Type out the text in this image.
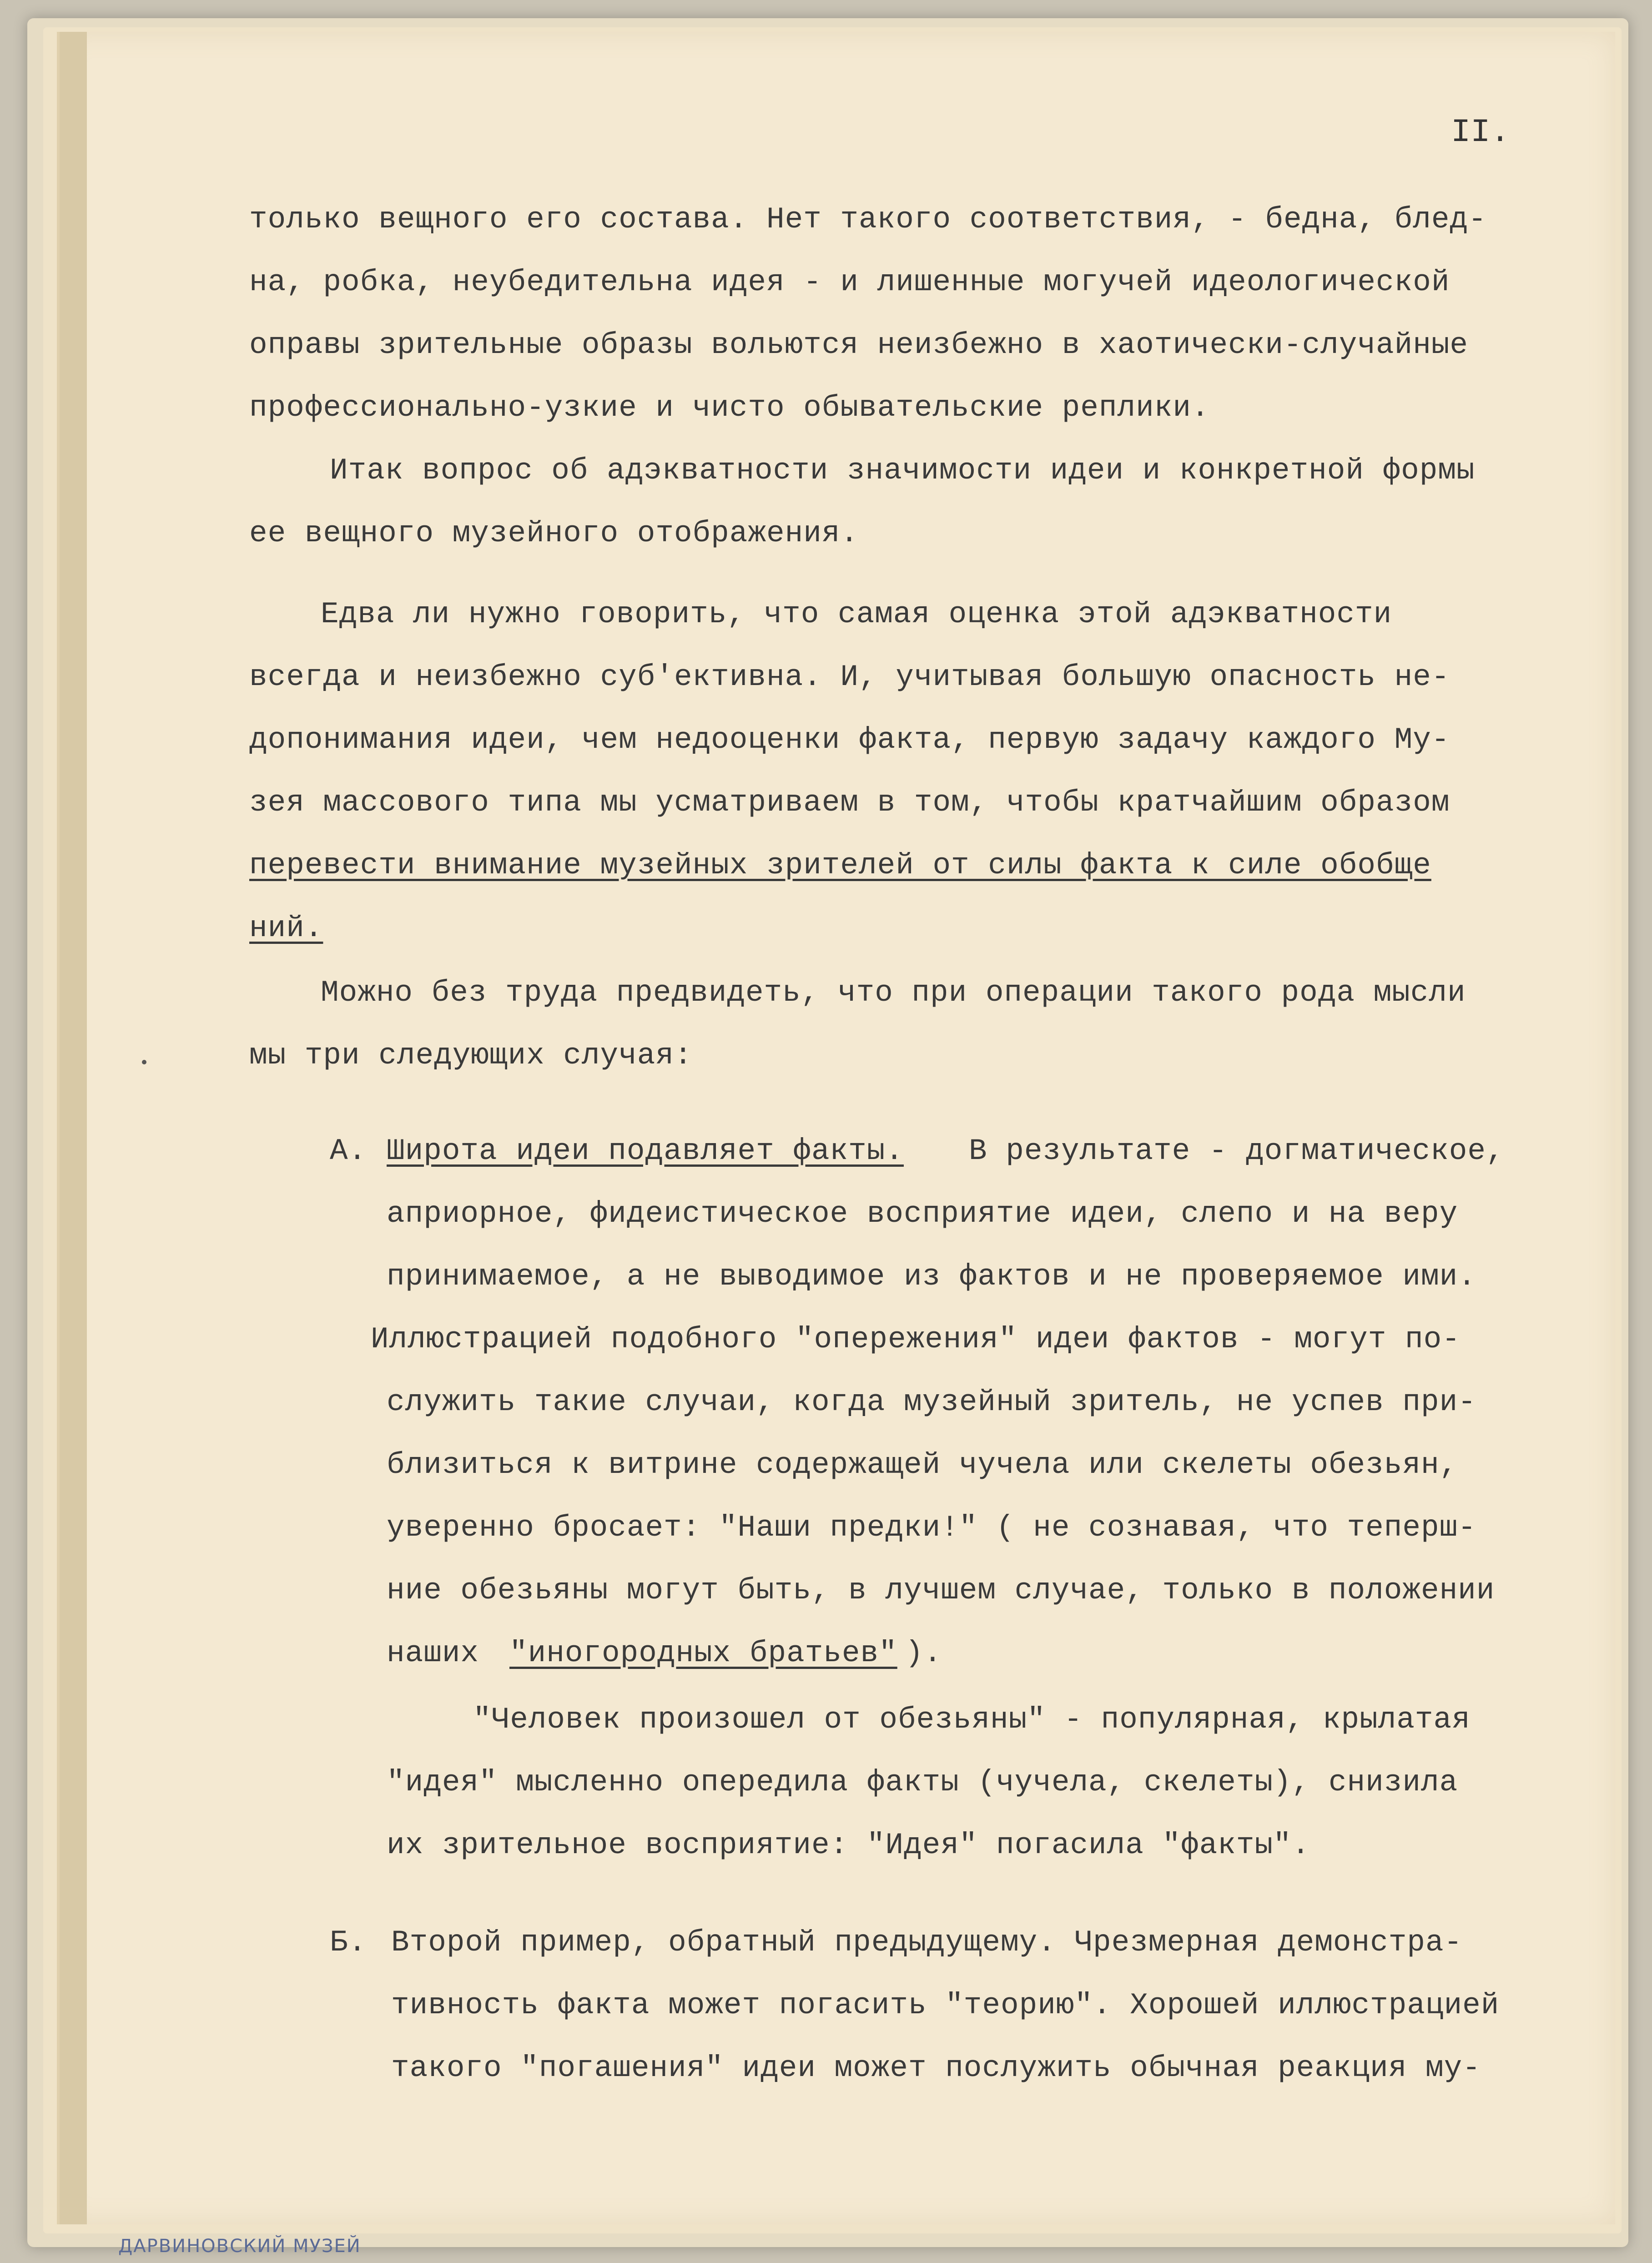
II.
только вещного его состава. Нет такого соответствия, - бедна, блед-
на, робка, неубедительна идея - и лишенные могучей идеологической
оправы зрительные образы вольются неизбежно в хаотически-случайные
профессионально-узкие и чисто обывательские реплики.
Итак вопрос об адэкватности значимости идеи и конкретной формы
ее вещного музейного отображения.
Едва ли нужно говорить, что самая оценка этой адэкватности
всегда и неизбежно суб'ективна. И, учитывая большую опасность не-
допонимания идеи, чем недооценки факта, первую задачу каждого Му-
зея массового типа мы усматриваем в том, чтобы кратчайшим образом
перевести внимание музейных зрителей от силы факта к силе обобще
ний.
Можно без труда предвидеть, что при операции такого рода мысли
мы три следующих случая:
А. Широта идеи подавляет факты. В результате - догматическое,
априорное, фидеистическое восприятие идеи, слепо и на веру
принимаемое, а не выводимое из фактов и не проверяемое ими.
Иллюстрацией подобного "опережения" идеи фактов - могут по-
служить такие случаи, когда музейный зритель, не успев при-
близиться к витрине содержащей чучела или скелеты обезьян,
уверенно бросает: "Наши предки!" ( не сознавая, что теперш-
ние обезьяны могут быть, в лучшем случае, только в положении
наших "иногородных братьев" ).
"Человек произошел от обезьяны" - популярная, крылатая
"идея" мысленно опередила факты (чучела, скелеты), снизила
их зрительное восприятие: "Идея" погасила "факты".
Б. Второй пример, обратный предыдущему. Чрезмерная демонстра-
тивность факта может погасить "теорию". Хорошей иллюстрацией
такого "погашения" идеи может послужить обычная реакция му-
ДАРВИНОВСКИЙ МУЗЕЙ
